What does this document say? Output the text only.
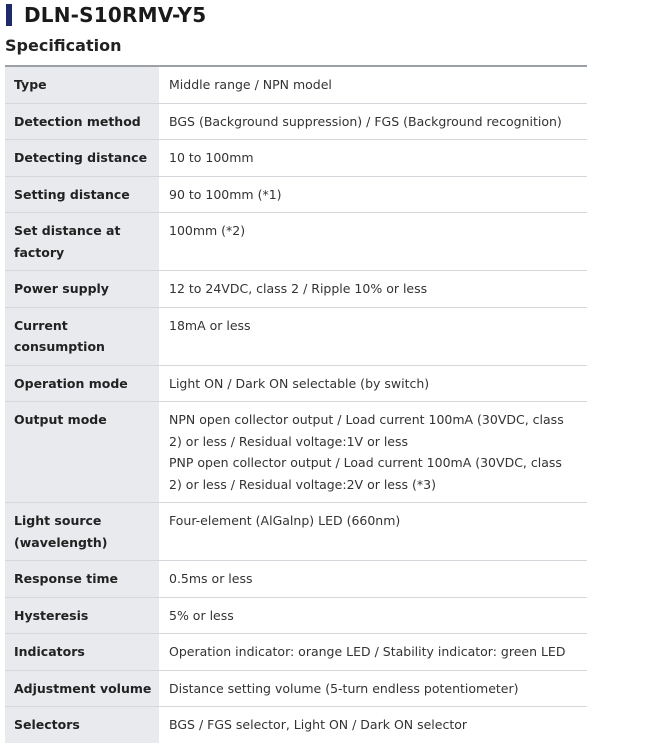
DLN-S10RMV-Y5
Specification
Type	Middle range / NPN model

Detection method	BGS (Background suppression) / FGS (Background recognition)

Detecting distance	10 to 100mm

Setting distance	90 to 100mm (*1)

Set distance at factory	100mm (*2)

Power supply	12 to 24VDC, class 2 / Ripple 10% or less

Current consumption	18mA or less

Operation mode	Light ON / Dark ON selectable (by switch)

Output mode	NPN open collector output / Load current 100mA (30VDC, class 2) or less / Residual voltage:1V or less
PNP open collector output / Load current 100mA (30VDC, class 2) or less / Residual voltage:2V or less (*3)

Light source (wavelength)	Four-element (AlGalnp) LED (660nm)

Response time	0.5ms or less

Hysteresis	5% or less

Indicators	Operation indicator: orange LED / Stability indicator: green LED

Adjustment volume	Distance setting volume (5-turn endless potentiometer)

Selectors	BGS / FGS selector, Light ON / Dark ON selector
